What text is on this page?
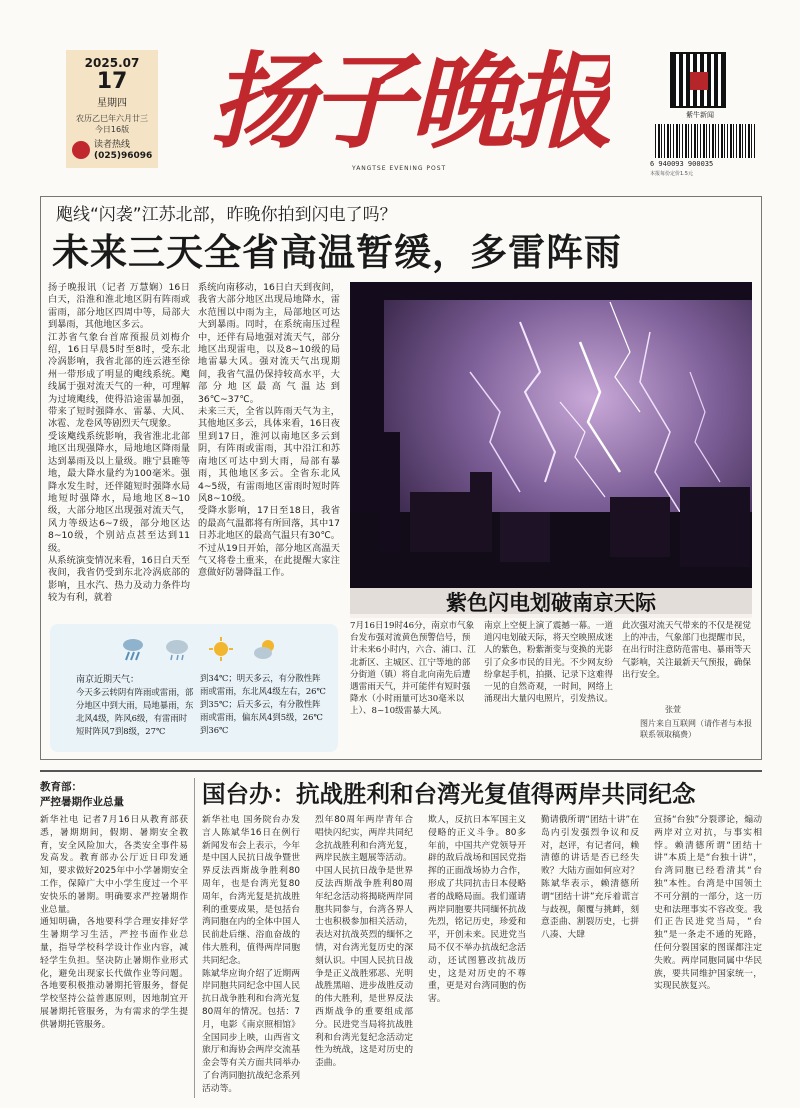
2025.07
17
星期四
农历乙巳年六月廿三
今日16版
读者热线
(025)96096 扬子晚报
YANGTSE EVENING POST
紫牛新闻
6 940093 900035
本报每份定价1.5元
飑线“闪袭”江苏北部，昨晚你拍到闪电了吗？
未来三天全省高温暂缓，多雷阵雨
扬子晚报讯（记者 万慧娴）16日白天，沿淮和淮北地区阴有阵雨或雷雨，部分地区四周中等，局部大到暴雨，其他地区多云。
江苏省气象台首席预报员刘梅介绍，16日早晨5时至8时，受东北冷涡影响，我省北部的连云港至徐州一带形成了明显的飑线系统。飑线属于强对流天气的一种，可理解为过境飑线，使得沿途雷暴加强，带来了短时强降水、雷暴、大风、冰雹、龙卷风等剧烈天气现象。
受该飑线系统影响，我省淮北北部地区出现强降水，局地地区降雨量达到暴雨及以上量级。睢宁县睢等地，最大降水量约为100毫米。强降水发生时，还伴随短时强降水局地短时强降水，局地地区8~10级，大部分地区出现强对流天气，风力等级达6~7级，部分地区达8~10级，个别站点甚至达到11级。
从系统演变情况来看，16日白天至夜间，我省仍受到东北冷涡底部的影响，且水汽、热力及动力条件均较为有利，就着
系统向南移动，16日白天到夜间，我省大部分地区出现局地降水，雷水范围以中雨为主，局部地区可达大到暴雨。同时，在系统南压过程中，还伴有局地强对流天气，部分地区出现雷电，以及8~10级的局地雷暴大风。强对流天气出现期间，我省气温仍保持较高水平，大部分地区最高气温达到36℃~37℃。
未来三天，全省以阵雨天气为主，其他地区多云，具体来看，16日夜里到17日，淮河以南地区多云到阴，有阵雨或雷雨，其中沿江和苏南地区可达中到大雨，局部有暴雨，其他地区多云。全省东北风4~5级，有雷雨地区雷雨时短时阵风8~10级。
受降水影响，17日至18日，我省的最高气温都将有所回落，其中17日苏北地区的最高气温只有30℃。不过从19日开始，部分地区高温天气又将卷土重来，在此提醒大家注意做好防暑降温工作。
紫色闪电划破南京天际
7月16日19时46分，南京市气象台发布强对流黄色预警信号，预计未来6小时内，六合、浦口、江北新区、主城区、江宁等地的部分街道（镇）将自北向南先后遭遇雷雨天气，并可能伴有短时强降水（小时雨量可达30毫米以上）、8~10级雷暴大风。
南京上空便上演了震撼一幕。一道道闪电划破天际，将天空映照成迷人的紫色，粉紫渐变与变换的光影引了众多市民的目光。不少网友纷纷拿起手机，拍摄、记录下这难得一见的自然奇观，一时间，网络上涌现出大量闪电照片，引发热议。
此次强对流天气带来的不仅是视觉上的冲击，气象部门也提醒市民，在出行时注意防范雷电、暴雨等天气影响，关注最新天气预报，确保出行安全。
张萱
图片来自互联网（请作者与本报联系领取稿费）
南京近期天气：
今天多云转阴有阵雨或雷雨，部分地区中到大雨，局地暴雨，东北风4级，阵风6级，有雷雨时短时阵风7到8级，27℃
到34℃；明天多云，有分散性阵雨或雷雨，东北风4级左右，26℃到35℃；后天多云，有分散性阵雨或雷雨，偏东风4到5级，26℃到36℃
教育部：
严控暑期作业总量
新华社电 记者7月16日从教育部获悉，暑期期间，假期、暑期安全教育，安全风险加大，各类安全事件易发高发。教育部办公厅近日印发通知，要求做好2025年中小学暑期安全工作，保障广大中小学生度过一个平安快乐的暑期。明确要求严控暑期作业总量。
通知明确，各地要科学合理安排好学生暑期学习生活，严控书面作业总量，指导学校科学设计作业内容，减轻学生负担。坚决防止暑期作业形式化，避免出现家长代做作业等问题。各地要积极推动暑期托管服务，督促学校坚持公益普惠原则，因地制宜开展暑期托管服务，为有需求的学生提供暑期托管服务。
国台办：抗战胜利和台湾光复值得两岸共同纪念
新华社电 国务院台办发言人陈斌华16日在例行新闻发布会上表示，今年是中国人民抗日战争暨世界反法西斯战争胜利80周年，也是台湾光复80周年，台湾光复是抗战胜利的重要成果，是包括台湾同胞在内的全体中国人民前赴后继、浴血奋战的伟大胜利，值得两岸同胞共同纪念。
陈斌华应询介绍了近期两岸同胞共同纪念中国人民抗日战争胜利和台湾光复80周年的情况。包括：7月，电影《南京照相馆》全国同步上映，山西省文旅厅和海协会两岸交流基金会等有关方面共同举办了台湾同胞抗战纪念系列活动等。
烈年80周年两岸青年合唱快闪纪实，两岸共同纪念抗战胜利和台湾光复，两岸民族主题展等活动。
中国人民抗日战争是世界反法西斯战争胜利80周年纪念活动将揭晓两岸同胞共同参与，台湾各界人士也积极参加相关活动，表达对抗战英烈的缅怀之情，对台湾光复历史的深刻认识。中国人民抗日战争是正义战胜邪恶、光明战胜黑暗、进步战胜反动的伟大胜利，是世界反法西斯战争的重要组成部分。民进党当局将抗战胜利和台湾光复纪念活动定性为统战，这是对历史的歪曲。
欺人，反抗日本军国主义侵略的正义斗争。80多年前，中国共产党领导开辟的敌后战场和国民党指挥的正面战场协力合作，形成了共同抗击日本侵略者的战略局面。我们谨请两岸同胞要共同缅怀抗战先烈，铭记历史，珍爱和平，开创未来。民进党当局不仅不举办抗战纪念活动，还试图篡改抗战历史，这是对历史的不尊重，更是对台湾同胞的伤害。
勤请俄所谓“团结十讲”在岛内引发强烈争议和反对，赵评，有记者问，赖清德的讲话是否已经失败？大陆方面如何应对？陈斌华表示，赖清德所谓“团结十讲”充斥着谎言与歧视，颠覆与挑衅，刻意歪曲、割裂历史，七拼八凑、大肆
宣扬“台独”分裂谬论，煽动两岸对立对抗，与事实相悖。赖清德所谓“团结十讲”本质上是“台独十讲”，台湾同胞已经看清其“台独”本性。台湾是中国领土不可分割的一部分，这一历史和法理事实不容改变。我们正告民进党当局，“台独”是一条走不通的死路，任何分裂国家的图谋都注定失败。两岸同胞同属中华民族，要共同维护国家统一，实现民族复兴。
